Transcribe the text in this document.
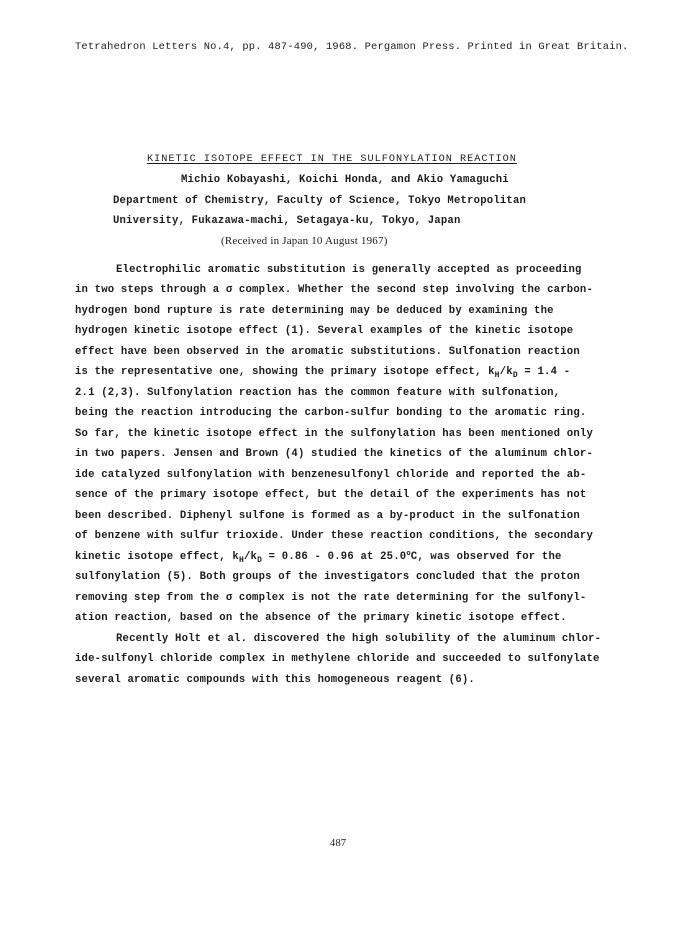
Tetrahedron Letters No.4, pp. 487-490, 1968. Pergamon Press. Printed in Great Britain.
KINETIC ISOTOPE EFFECT IN THE SULFONYLATION REACTION
Michio Kobayashi, Koichi Honda, and Akio Yamaguchi
Department of Chemistry, Faculty of Science, Tokyo Metropolitan
University, Fukazawa-machi, Setagaya-ku, Tokyo, Japan
(Received in Japan 10 August 1967)
Electrophilic aromatic substitution is generally accepted as proceeding
in two steps through a σ complex. Whether the second step involving the carbon-
hydrogen bond rupture is rate determining may be deduced by examining the
hydrogen kinetic isotope effect (1). Several examples of the kinetic isotope
effect have been observed in the aromatic substitutions. Sulfonation reaction
is the representative one, showing the primary isotope effect, $k_H/k_D = 1.4$ -
2.1 (2,3). Sulfonylation reaction has the common feature with sulfonation,
being the reaction introducing the carbon-sulfur bonding to the aromatic ring.
So far, the kinetic isotope effect in the sulfonylation has been mentioned only
in two papers. Jensen and Brown (4) studied the kinetics of the aluminum chlor-
ide catalyzed sulfonylation with benzenesulfonyl chloride and reported the ab-
sence of the primary isotope effect, but the detail of the experiments has not
been described. Diphenyl sulfone is formed as a by-product in the sulfonation
of benzene with sulfur trioxide. Under these reaction conditions, the secondary
kinetic isotope effect, $k_H/k_D = 0.86 - 0.96$ at 25.0$^o$C, was observed for the
sulfonylation (5). Both groups of the investigators concluded that the proton
removing step from the σ complex is not the rate determining for the sulfonyl-
ation reaction, based on the absence of the primary kinetic isotope effect.
Recently Holt et al. discovered the high solubility of the aluminum chlor-
ide-sulfonyl chloride complex in methylene chloride and succeeded to sulfonylate
several aromatic compounds with this homogeneous reagent (6).
487
